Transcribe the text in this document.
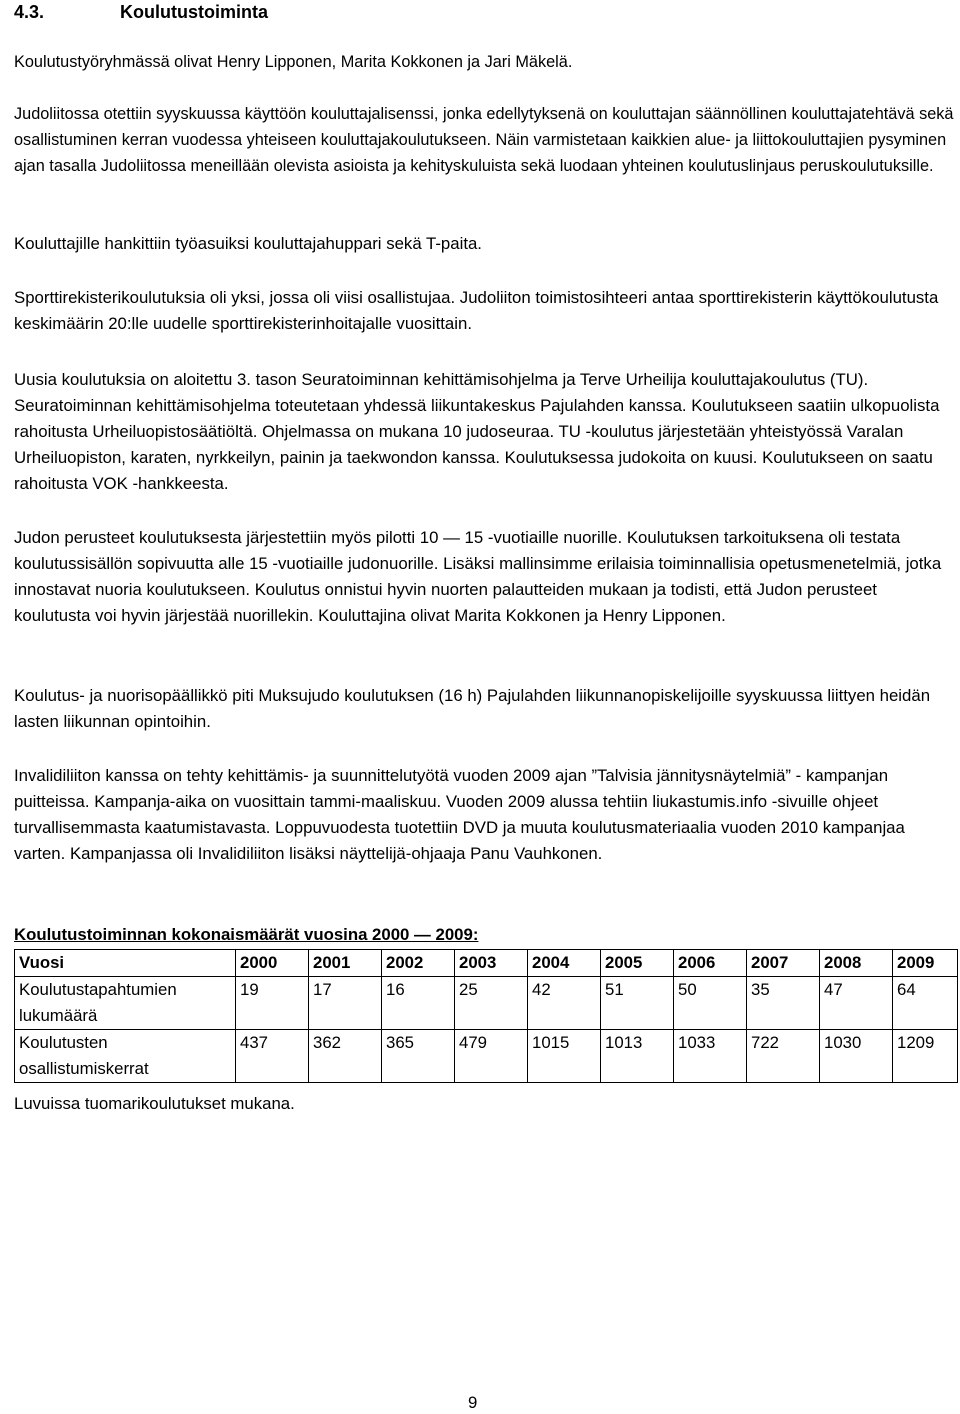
4.3.	Koulutustoiminta

Koulutustyöryhmässä olivat Henry Lipponen, Marita Kokkonen ja Jari Mäkelä.

Judoliitossa otettiin syyskuussa käyttöön kouluttajalisenssi, jonka edellytyksenä on kouluttajan säännöllinen kouluttajatehtävä sekä osallistuminen kerran vuodessa yhteiseen kouluttajakoulutukseen. Näin varmistetaan kaikkien alue- ja liittokouluttajien pysyminen ajan tasalla Judoliitossa meneillään olevista asioista ja kehityskuluista sekä luodaan yhteinen koulutuslinjaus peruskoulutuksille.

Kouluttajille hankittiin työasuiksi kouluttajahuppari sekä T-paita.

Sporttirekisterikoulutuksia oli yksi, jossa oli viisi osallistujaa. Judoliiton toimistosihteeri antaa sporttirekisterin käyttökoulutusta keskimäärin 20:lle uudelle sporttirekisterinhoitajalle vuosittain.

Uusia koulutuksia on aloitettu 3. tason Seuratoiminnan kehittämisohjelma ja Terve Urheilija kouluttajakoulutus (TU). Seuratoiminnan kehittämisohjelma toteutetaan yhdessä liikuntakeskus Pajulahden kanssa. Koulutukseen saatiin ulkopuolista rahoitusta Urheiluopistosäätiöltä. Ohjelmassa on mukana 10 judoseuraa. TU -koulutus järjestetään yhteistyössä Varalan Urheiluopiston, karaten, nyrkkeilyn, painin ja taekwondon kanssa. Koulutuksessa judokoita on kuusi. Koulutukseen on saatu rahoitusta VOK -hankkeesta.

Judon perusteet koulutuksesta järjestettiin myös pilotti 10 — 15 -vuotiaille nuorille. Koulutuksen tarkoituksena oli testata koulutussisällön sopivuutta alle 15 -vuotiaille judonuorille. Lisäksi mallinsimme erilaisia toiminnallisia opetusmenetelmiä, jotka innostavat nuoria koulutukseen. Koulutus onnistui hyvin nuorten palautteiden mukaan ja todisti, että Judon perusteet koulutusta voi hyvin järjestää nuorillekin. Kouluttajina olivat Marita Kokkonen ja Henry Lipponen.

Koulutus- ja nuorisopäällikkö piti Muksujudo koulutuksen (16 h) Pajulahden liikunnanopiskelijoille syyskuussa liittyen heidän lasten liikunnan opintoihin.

Invalidiliiton kanssa on tehty kehittämis- ja suunnittelutyötä vuoden 2009 ajan ”Talvisia jännitysnäytelmiä” - kampanjan puitteissa. Kampanja-aika on vuosittain tammi-maaliskuu. Vuoden 2009 alussa tehtiin liukastumis.info -sivuille ohjeet turvallisemmasta kaatumistavasta. Loppuvuodesta tuotettiin DVD ja muuta koulutusmateriaalia vuoden 2010 kampanjaa varten. Kampanjassa oli Invalidiliiton lisäksi näyttelijä-ohjaaja Panu Vauhkonen.

Koulutustoiminnan kokonaismäärät vuosina 2000 — 2009:
Vuosi	2000	2001	2002	2003	2004	2005	2006	2007	2008	2009
Koulutustapahtumien lukumäärä	19	17	16	25	42	51	50	35	47	64
Koulutusten osallistumiskerrat	437	362	365	479	1015	1013	1033	722	1030	1209
Luvuissa tuomarikoulutukset mukana.
9
